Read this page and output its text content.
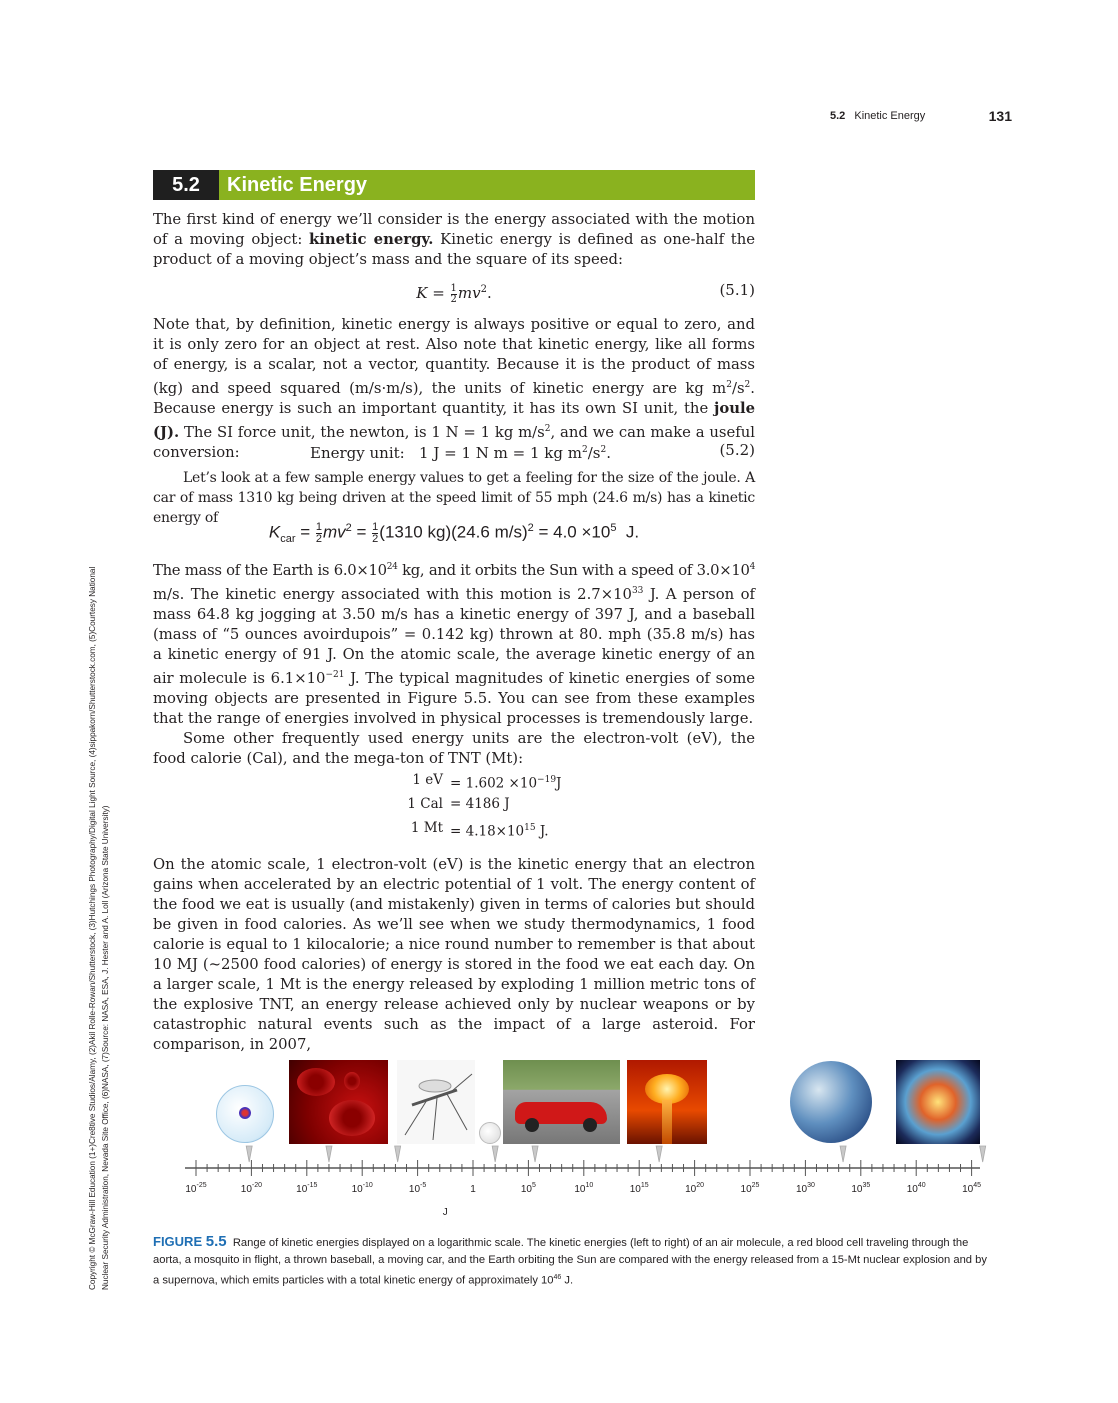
5.2 Kinetic Energy	131
5.2	Kinetic Energy

The first kind of energy we’ll consider is the energy associated with the motion of a moving object: kinetic energy. Kinetic energy is defined as one-half the product of a moving object’s mass and the square of its speed:

$K = \frac{1}{2} mv^2$.	(5.1)

Note that, by definition, kinetic energy is always positive or equal to zero, and it is only zero for an object at rest. Also note that kinetic energy, like all forms of energy, is a scalar, not a vector, quantity. Because it is the product of mass (kg) and speed squared (m/s·m/s), the units of kinetic energy are kg $m^2/s^2$. Because energy is such an important quantity, it has its own SI unit, the joule (J). The SI force unit, the newton, is 1 N = 1 kg $m/s^2$, and we can make a useful conversion:	Energy unit: 1 J = 1 N m = 1 kg $m^2/s^2$.	(5.2)

Let’s look at a few sample energy values to get a feeling for the size of the joule. A car of mass 1310 kg being driven at the speed limit of 55 mph (24.6 m/s) has a kinetic energy of

$K_{car} = \frac{1}{2} mv^2 = \frac{1}{2} (1310$ kg)(24.6 $m/s)^2 = 4.0 \times 10^5$ J.

The mass of the Earth is $6.0\times 10^{24}$ kg, and it orbits the Sun with a speed of $3.0\times 10^4$ m/s. The kinetic energy associated with this motion is $2.7\times 10^{33}$ J. A person of mass 64.8 kg jogging at 3.50 m/s has a kinetic energy of 397 J, and a baseball (mass of “5 ounces avoirdupois” = 0.142 kg) thrown at 80. mph (35.8 m/s) has a kinetic energy of 91 J. On the atomic scale, the average kinetic energy of an air molecule is $6.1\times 10^{-21}$ J. The typical magnitudes of kinetic energies of some moving objects are presented in Figure 5.5. You can see from these examples that the range of energies involved in physical processes is tremendously large.

Some other frequently used energy units are the electron-volt (eV), the food calorie (Cal), and the mega-ton of TNT (Mt):

1 eV = $1.602 \times 10^{-19}J$
1 Cal = 4186 J
1 $Mt = 4.18\times 10^{15}$ J.

On the atomic scale, 1 electron-volt (eV) is the kinetic energy that an electron gains when accelerated by an electric potential of 1 volt. The energy content of the food we eat is usually (and mistakenly) given in terms of calories but should be given in food calories. As we’ll see when we study thermodynamics, 1 food calorie is equal to 1 kilocalorie; a nice round number to remember is that about 10 MJ (~2500 food calories) of energy is stored in the food we eat each day. On a larger scale, 1 Mt is the energy released by exploding 1 million metric tons of the explosive TNT, an energy release achieved only by nuclear weapons or by catastrophic natural events such as the impact of a large asteroid. For comparison, in 2007,

Copyright © McGraw-Hill Education (1+)Cre8tive Studios/Alamy, (2)Akil Rolle-Rowan/Shutterstock, (3)Hutchings Photography/Digital Light Source, (4)sippakorn/Shutterstock.com, (5)Courtesy National Nuclear Security Administration, Nevada Site Office, (6)NASA, (7)Source: NASA, ESA, J. Hester and A. Loll (Arizona State University)	$10^{-25}$	$10^{-20}$	$10^{-15}$	$10^{-10}$	$10^{-5}$	1	$10^5$	$10^{10}$	$10^{15}$	$10^{20}$	$10^{25}$	$10^{30}$	$10^{35}$	$10^{40}$	$10^{45}$
J
FIGURE 5.5 Range of kinetic energies displayed on a logarithmic scale. The kinetic energies (left to right) of an air molecule, a red blood cell traveling through the aorta, a mosquito in flight, a thrown baseball, a moving car, and the Earth orbiting the Sun are compared with the energy released from a 15-Mt nuclear explosion and by a supernova, which emits particles with a total kinetic energy of approximately $10^{46}$ J.
